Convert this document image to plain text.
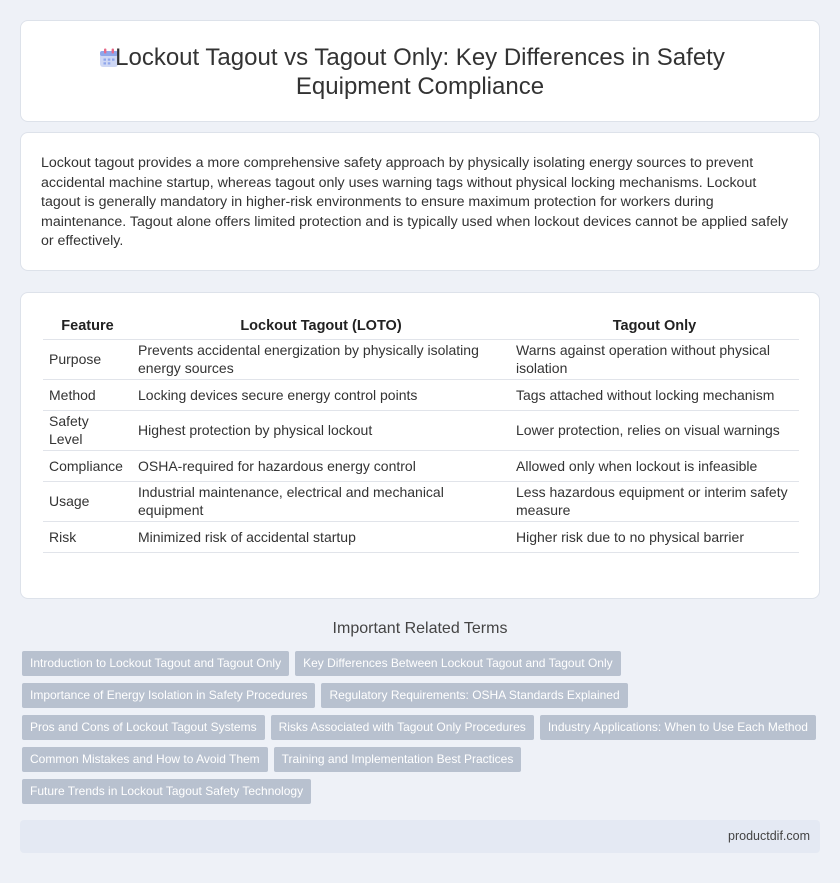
Lockout Tagout vs Tagout Only: Key Differences in Safety Equipment Compliance

Lockout tagout provides a more comprehensive safety approach by physically isolating energy sources to prevent accidental machine startup, whereas tagout only uses warning tags without physical locking mechanisms. Lockout tagout is generally mandatory in higher-risk environments to ensure maximum protection for workers during maintenance. Tagout alone offers limited protection and is typically used when lockout devices cannot be applied safely or effectively.

Feature	Lockout Tagout (LOTO)	Tagout Only
Purpose	Prevents accidental energization by physically isolating energy sources	Warns against operation without physical isolation
Method	Locking devices secure energy control points	Tags attached without locking mechanism
Safety Level	Highest protection by physical lockout	Lower protection, relies on visual warnings
Compliance	OSHA-required for hazardous energy control	Allowed only when lockout is infeasible
Usage	Industrial maintenance, electrical and mechanical equipment	Less hazardous equipment or interim safety measure
Risk	Minimized risk of accidental startup	Higher risk due to no physical barrier
Important Related Terms
Introduction to Lockout Tagout and Tagout Only Key Differences Between Lockout Tagout and Tagout Only
Importance of Energy Isolation in Safety Procedures Regulatory Requirements: OSHA Standards Explained
Pros and Cons of Lockout Tagout Systems Risks Associated with Tagout Only Procedures Industry Applications: When to Use Each Method
Common Mistakes and How to Avoid Them Training and Implementation Best Practices
Future Trends in Lockout Tagout Safety Technology
productdif.com
